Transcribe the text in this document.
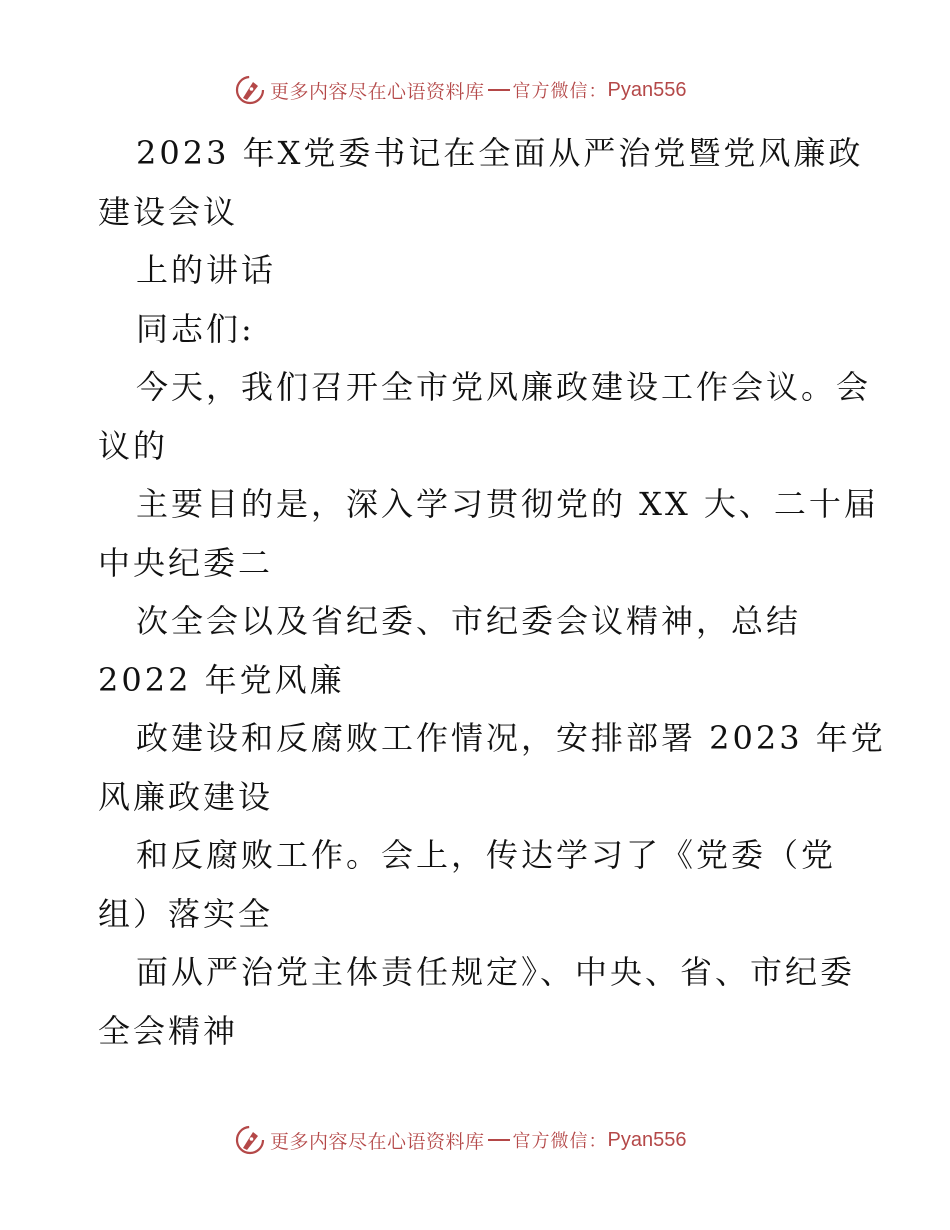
更多内容尽在心语资料库 官方微信： Pyan556
2023 年X党委书记在全面从严治党暨党风廉政
建设会议
上的讲话
同志们:
今天，我们召开全市党风廉政建设工作会议。会
议的
主要目的是，深入学习贯彻党的 XX 大、二十届
中央纪委二
次全会以及省纪委、市纪委会议精神，总结
2022 年党风廉
政建设和反腐败工作情况，安排部署 2023 年党
风廉政建设
和反腐败工作。会上，传达学习了《党委（党
组）落实全
面从严治党主体责任规定》、中央、省、市纪委
全会精神
更多内容尽在心语资料库 官方微信： Pyan556
